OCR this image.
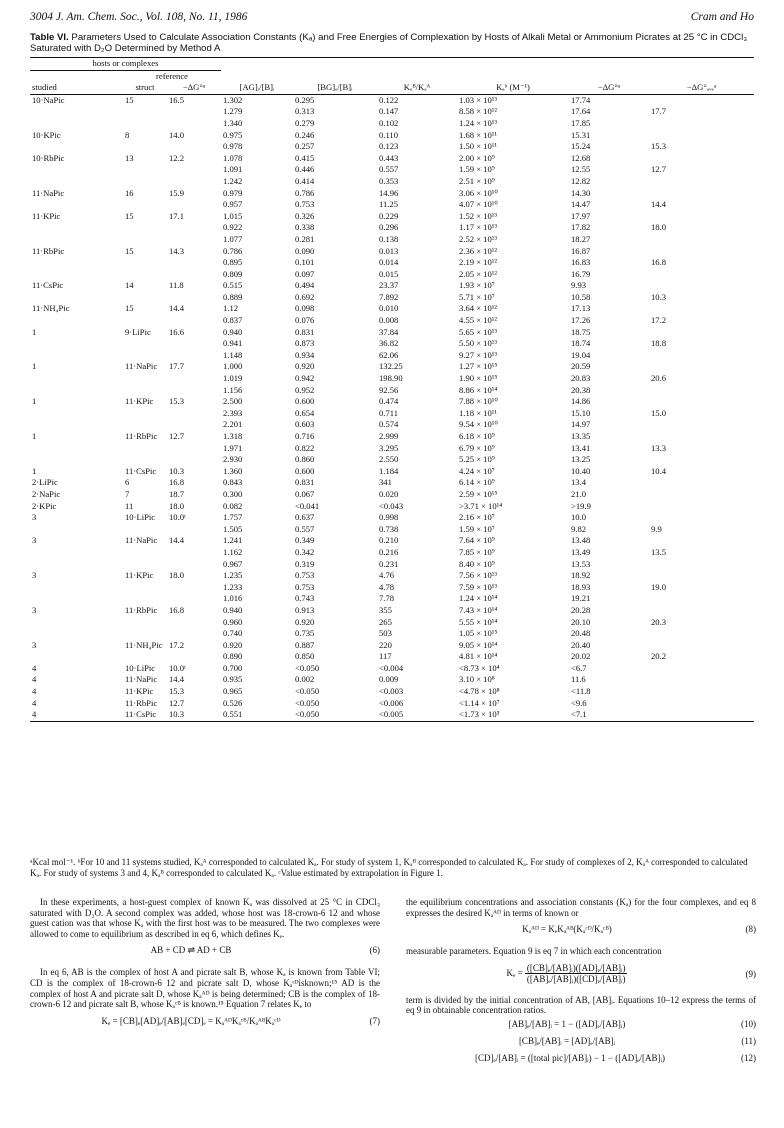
3004 J. Am. Chem. Soc., Vol. 108, No. 11, 1986	Cram and Ho
Table VI. Parameters Used to Calculate Association Constants (Kₐ) and Free Energies of Complexation by Hosts of Alkali Metal or Ammonium Picrates at 25 °C in CDCl₃ Saturated with D₂O Determined by Method A
hosts or complexes								
	reference							
studied	struct	−ΔG°ᵃ	[AG]ᵢ/[B]ᵢ	[BG]ₑ/[B]ᵢ	Kₐᴮ/Kₐᴬ	Kₐᵇ (M⁻¹)	−ΔG°ᵃ	−ΔG°ₐᵥₑᵃ
10·NaPic	15	16.5	1.302	0.295	0.122	1.03 × 10¹³	17.74	
			1.279	0.313	0.147	8.58 × 10¹²	17.64	17.7
			1.340	0.279	0.102	1.24 × 10¹³	17.85	
10·KPic	8	14.0	0.975	0.246	0.110	1.68 × 10¹¹	15.31	
			0.978	0.257	0.123	1.50 × 10¹¹	15.24	15.3
10·RbPic	13	12.2	1.078	0.415	0.443	2.00 × 10⁹	12.68	
			1.091	0.446	0.557	1.59 × 10⁹	12.55	12.7
			1.242	0.414	0.353	2.51 × 10⁹	12.82	
11·NaPic	16	15.9	0.979	0.786	14.96	3.06 × 10¹⁰	14.30	
			0.957	0.753	11.25	4.07 × 10¹⁰	14.47	14.4
11·KPic	15	17.1	1.015	0.326	0.229	1.52 × 10¹³	17.97	
			0.922	0.338	0.296	1.17 × 10¹³	17.82	18.0
			1.077	0.281	0.138	2.52 × 10¹³	18.27	
11·RbPic	15	14.3	0.786	0.090	0.013	2.36 × 10¹²	16.87	
			0.895	0.101	0.014	2.19 × 10¹²	16.83	16.8
			0.809	0.097	0.015	2.05 × 10¹²	16.79	
11·CsPic	14	11.8	0.515	0.494	23.37	1.93 × 10⁷	9.93	
			0.889	0.692	7.892	5.71 × 10⁷	10.58	10.3
11·NH₄Pic	15	14.4	1.12	0.098	0.010	3.64 × 10¹²	17.13	
			0.837	0.076	0.008	4.55 × 10¹²	17.26	17.2
1	9·LiPic	16.6	0.940	0.831	37.84	5.65 × 10¹³	18.75	
			0.941	0.873	36.82	5.50 × 10¹³	18.74	18.8
			1.148	0.934	62.06	9.27 × 10¹³	19.04	
1	11·NaPic	17.7	1.000	0.920	132.25	1.27 × 10¹⁵	20.59	
			1.019	0.942	198.90	1.90 × 10¹⁵	20.83	20.6
			1.156	0.952	92.56	8.86 × 10¹⁴	20.38	
1	11·KPic	15.3	2.500	0.600	0.474	7.88 × 10¹⁰	14.86	
			2.393	0.654	0.711	1.18 × 10¹¹	15.10	15.0
			2.201	0.603	0.574	9.54 × 10¹⁰	14.97	
1	11·RbPic	12.7	1.318	0.716	2.999	6.18 × 10⁹	13.35	
			1.971	0.822	3.295	6.79 × 10⁹	13.41	13.3
			2.930	0.860	2.550	5.25 × 10⁹	13.25	
1	11·CsPic	10.3	1.360	0.600	1.184	4.24 × 10⁷	10.40	10.4
2·LiPic	6	16.8	0.843	0.831	341	6.14 × 10⁹	13.4	
2·NaPic	7	18.7	0.300	0.067	0.020	2.59 × 10¹⁵	21.0	
2·KPic	11	18.0	0.082	<0.041	<0.043	>3.71 × 10¹⁴	>19.9	
3	10·LiPic	10.0ᶜ	1.757	0.637	0.998	2.16 × 10⁷	10.0	
			1.505	0.557	0.738	1.59 × 10⁷	9.82	9.9
3	11·NaPic	14.4	1.241	0.349	0.210	7.64 × 10⁹	13.48	
			1.162	0.342	0.216	7.85 × 10⁹	13.49	13.5
			0.967	0.319	0.231	8.40 × 10⁹	13.53	
3	11·KPic	18.0	1.235	0.753	4.76	7.56 × 10¹³	18.92	
			1.233	0.753	4.78	7.59 × 10¹³	18.93	19.0
			1.016	0.743	7.78	1.24 × 10¹⁴	19.21	
3	11·RbPic	16.8	0.940	0.913	355	7.43 × 10¹⁴	20.28	
			0.960	0.920	265	5.55 × 10¹⁴	20.10	20.3
			0.740	0.735	503	1.05 × 10¹⁵	20.48	
3	11·NH₄Pic	17.2	0.920	0.887	220	9.05 × 10¹⁴	20.40	
			0.890	0.850	117	4.81 × 10¹⁴	20.02	20.2
4	10·LiPic	10.0ᶜ	0.700	<0.050	<0.004	<8.73 × 10⁴	<6.7	
4	11·NaPic	14.4	0.935	0.002	0.009	3.10 × 10⁸	11.6	
4	11·KPic	15.3	0.965	<0.050	<0.003	<4.78 × 10⁸	<11.8	
4	11·RbPic	12.7	0.526	<0.050	<0.006	<1.14 × 10⁷	<9.6	
4	11·CsPic	10.3	0.551	<0.050	<0.005	<1.73 × 10⁵	<7.1	
ᵃKcal mol⁻¹. ᵇFor 10 and 11 systems studied, Kₐᴬ corresponded to calculated Kₐ. For study of system 1, Kₐᴮ corresponded to calculated Kₐ. For study of complexes of 2, Kₐᴬ corresponded to calculated Kₐ. For study of systems 3 and 4, Kₐᴮ corresponded to calculated Kₐ. ᶜValue estimated by extrapolation in Figure 1.

In these experiments, a host-guest complex of known Kₐ was dissolved at 25 °C in CDCl₃ saturated with D₂O. A second complex was added, whose host was 18-crown-6 12 and whose guest cation was that whose Kₐ with the first host was to be measured. The two complexes were allowed to come to equilibrium as described in eq 6, which defines Kₑ.

AB + CD ⇌ AD + CB	(6)

In eq 6, AB is the complex of host A and picrate salt B, whose Kₐ is known from Table VI; CD is the complex of 18-crown-6 12 and picrate salt D, whose Kₐᶜᴰisknown;¹⁵ AD is the complex of host A and picrate salt D, whose Kₐᴬᴰ is being determined; CB is the complex of 18-crown-6 12 and picrate salt B, whose Kₐᶜᴮ is known.¹⁵ Equation 7 relates Kₑ to

Kₑ = [CB]ₑ[AD]ₑ/[AB]ₑ[CD]ₑ = KₐᴬᴰKₐᶜᴮ/KₐᴬᴮKₐᶜᴰ	(7)

the equilibrium concentrations and association constants (Kₐ) for the four complexes, and eq 8 expresses the desired Kₐᴬᴰ in terms of known or

Kₐᴬᴰ = KₑKₐᴬᴮ(Kₐᶜᴰ/Kₐᶜᴮ)	(8)

measurable parameters. Equation 9 is eq 7 in which each concentration

$K_e = \frac{\text{([CB]ₑ/[AB]ᵢ)([AD]ₑ/[AB]ᵢ)}}{\text{([AB]ₑ/[AB]ᵢ)([CD]ₑ/[AB]ᵢ)}}$	(9)

term is divided by the initial concentration of AB, [AB]ᵢ. Equations 10–12 express the terms of eq 9 in obtainable concentration ratios.

[AB]ₑ/[AB]ᵢ = 1 − ([AD]ₑ/[AB]ᵢ)	(10)
[CB]ₑ/[AB]ᵢ = [AD]ₑ/[AB]ᵢ	(11)
[CD]ₑ/[AB]ᵢ = ([total pic]/[AB]ᵢ) − 1 − ([AD]ₑ/[AB]ᵢ)	(12)
